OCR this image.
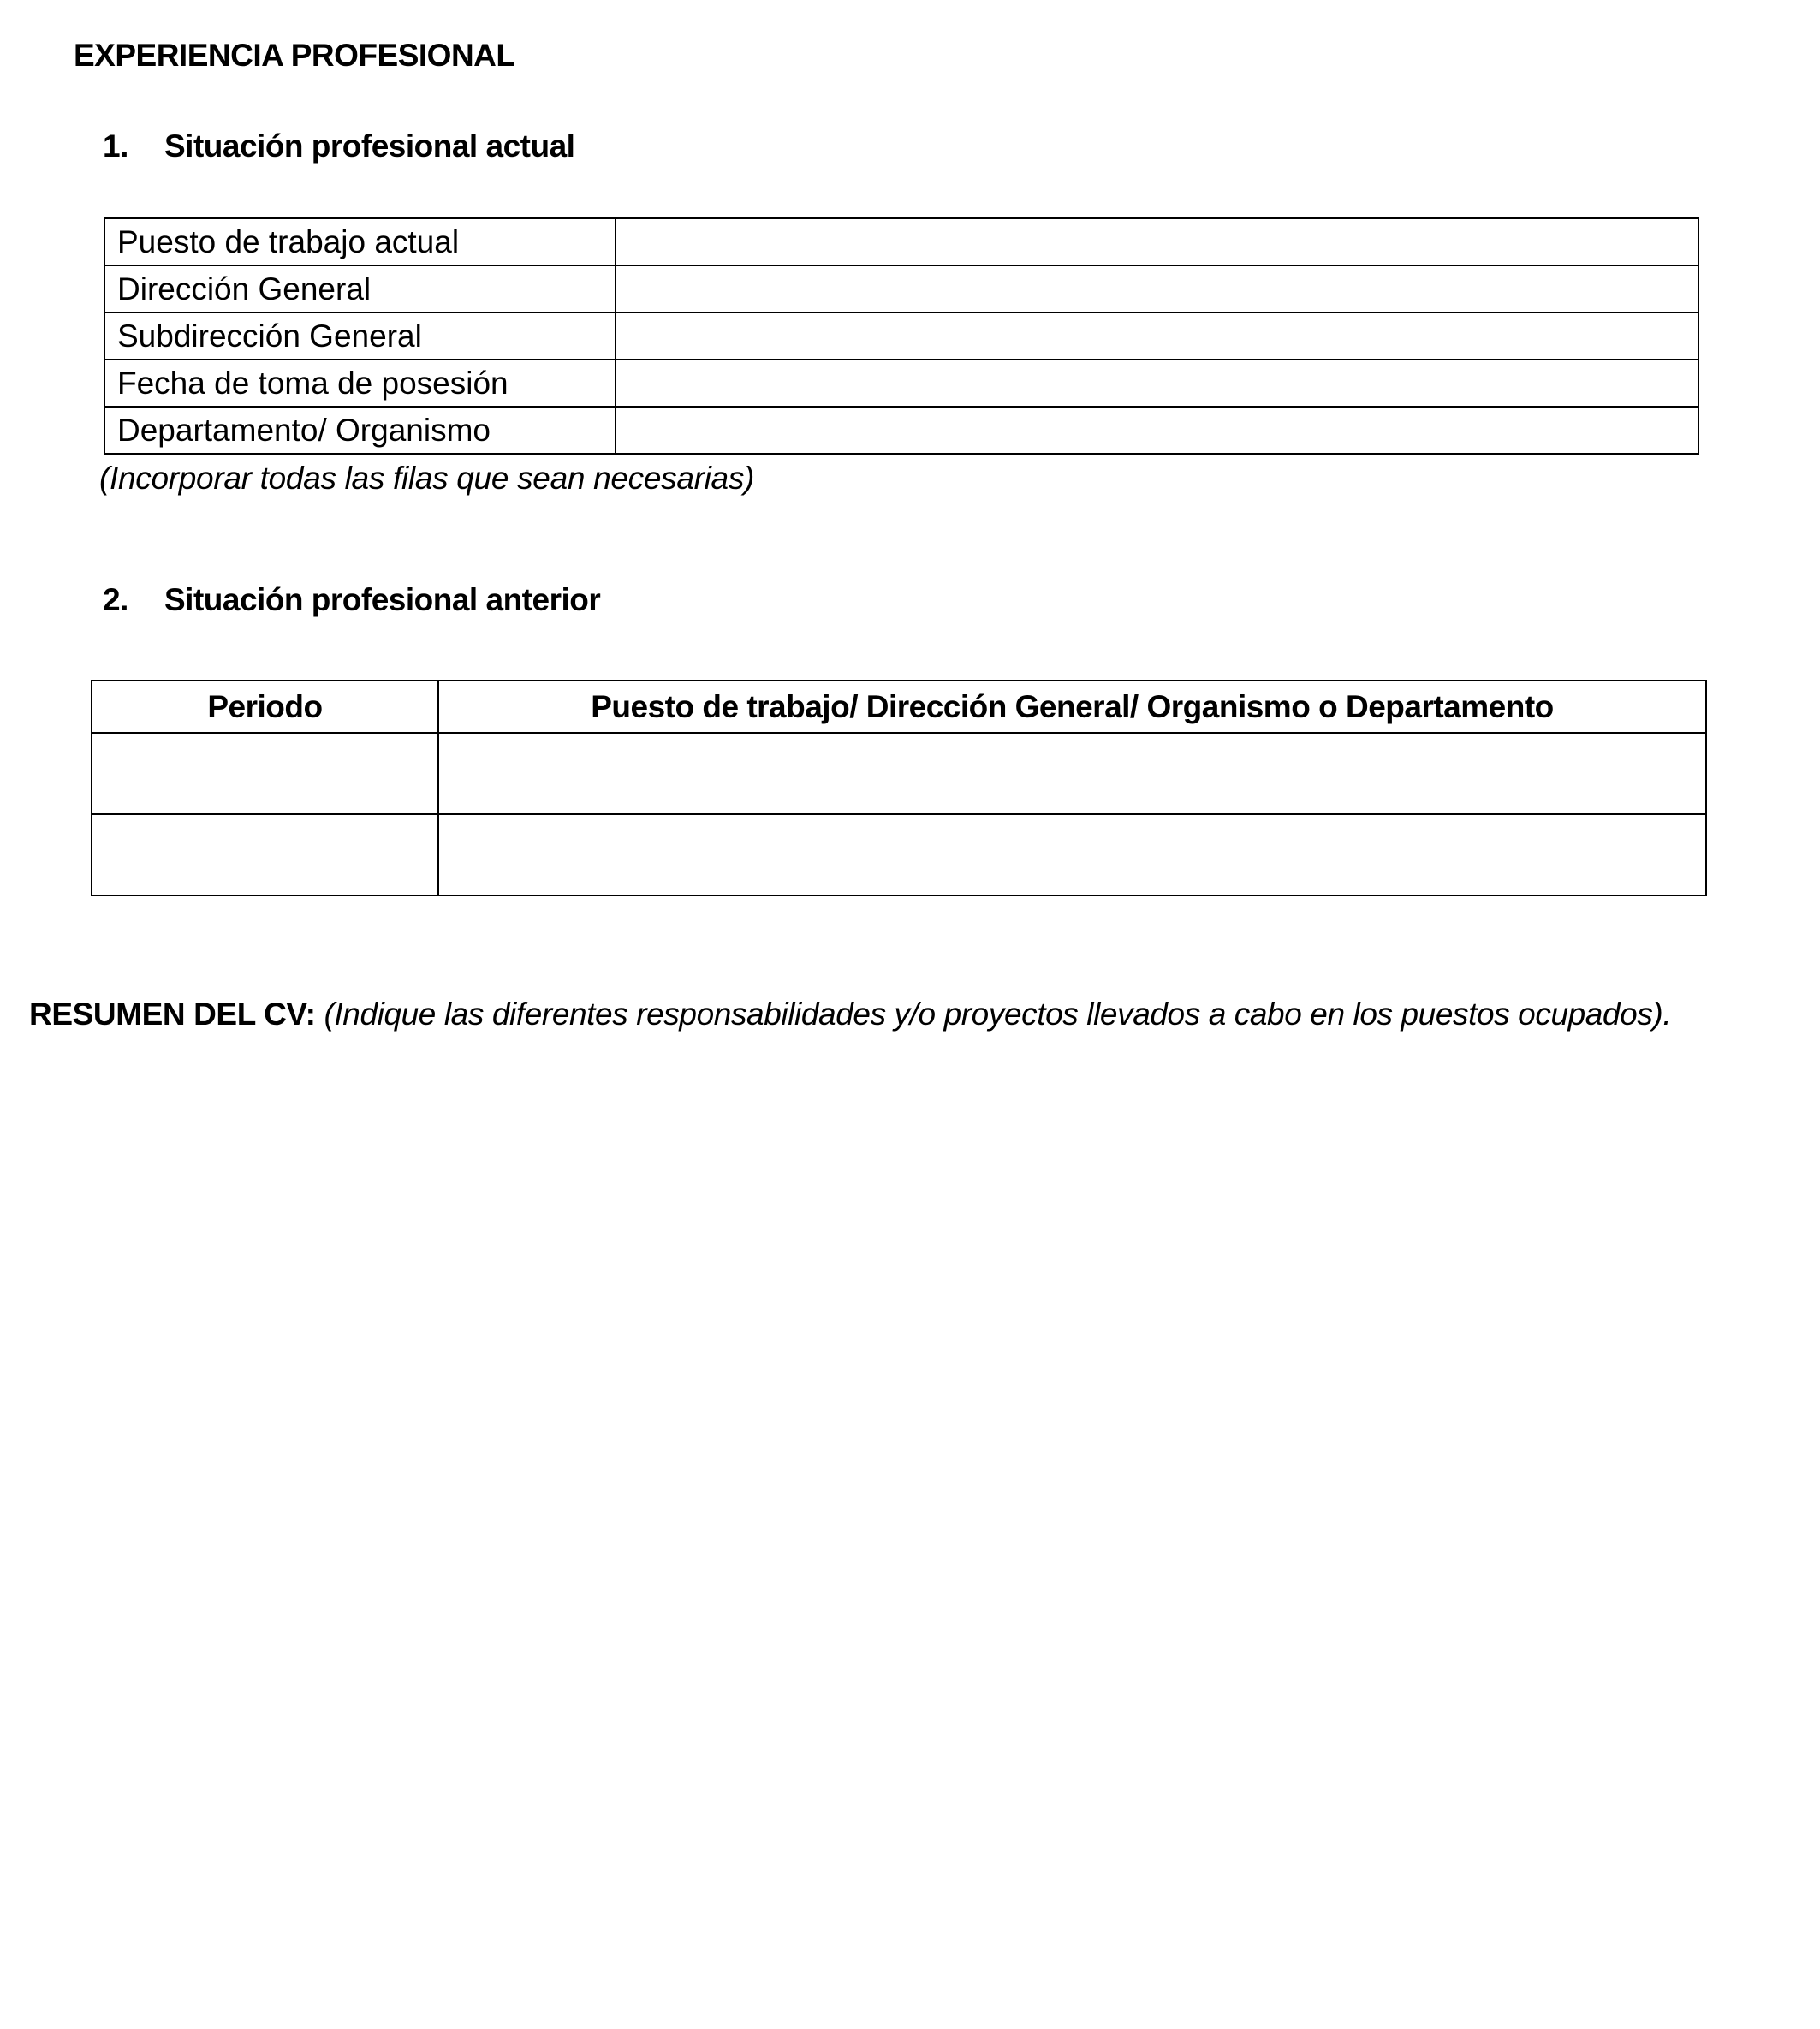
EXPERIENCIA PROFESIONAL
1.	Situación profesional actual
Puesto de trabajo actual	
Dirección General	
Subdirección General	
Fecha de toma de posesión	
Departamento/ Organismo	
(Incorporar todas las filas que sean necesarias)
2.	Situación profesional anterior
Periodo	Puesto de trabajo/ Dirección General/ Organismo o Departamento

RESUMEN DEL CV: (Indique las diferentes responsabilidades y/o proyectos llevados a cabo en los puestos ocupados).
